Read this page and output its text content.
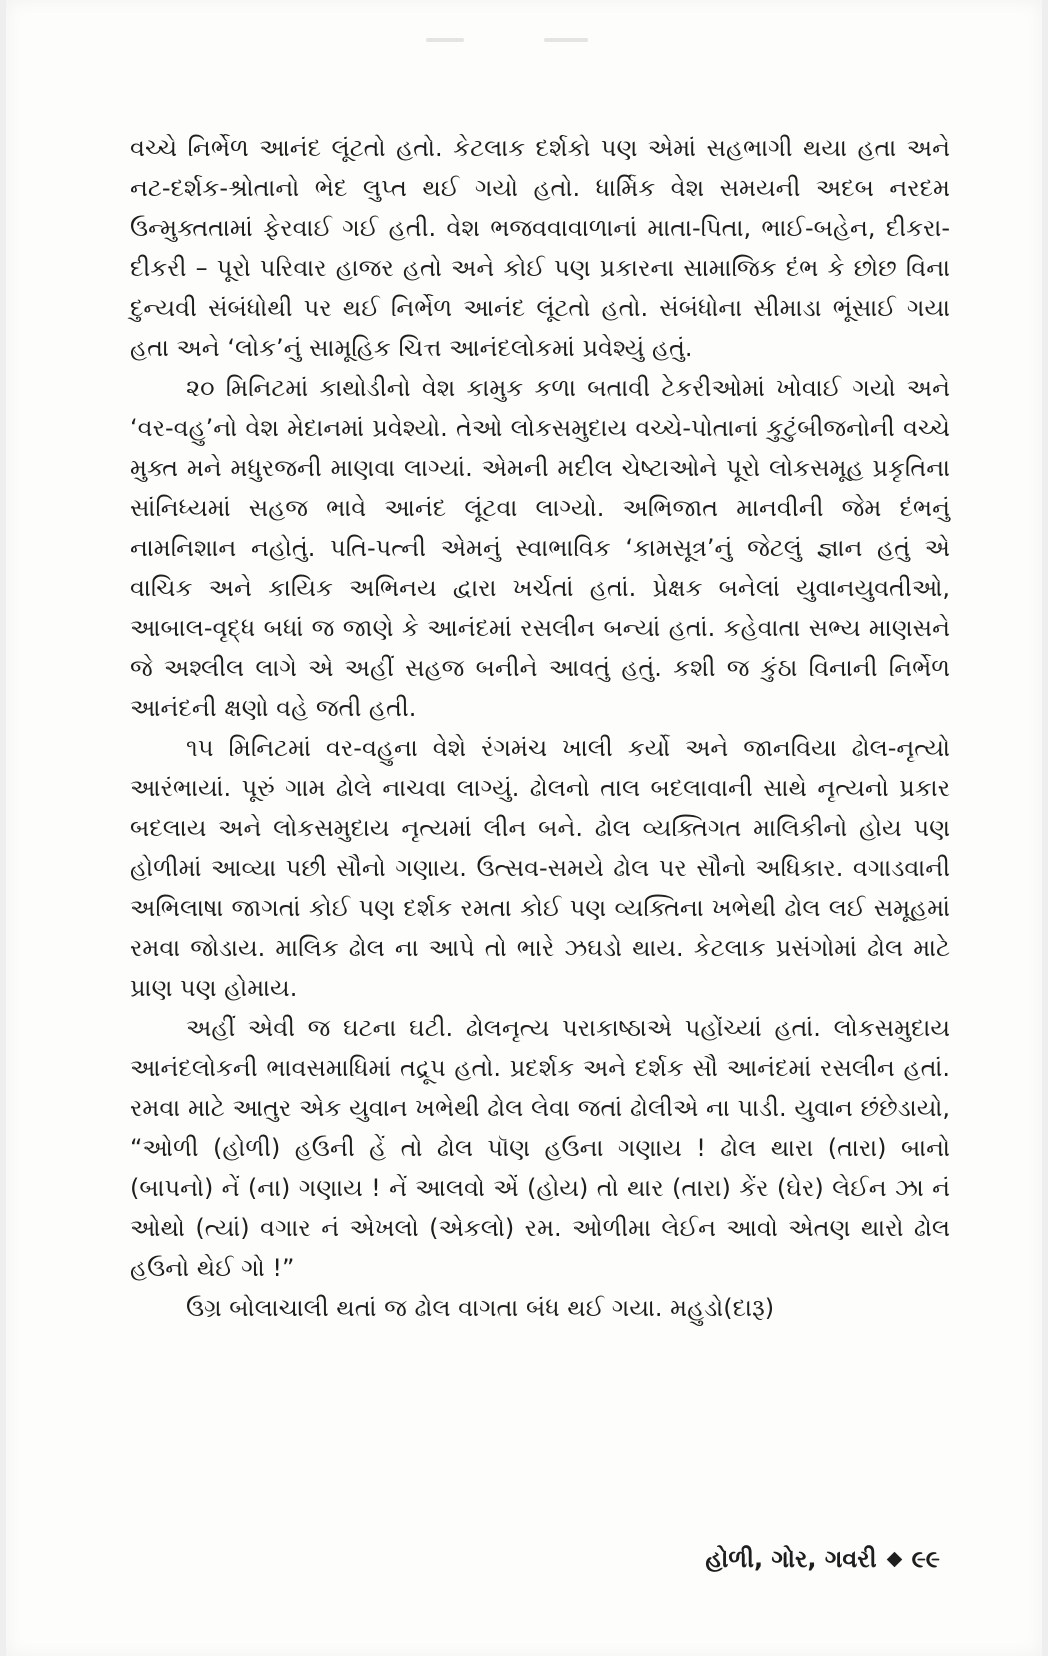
વચ્ચે નિર્ભેળ આનંદ લૂંટતો હતો. કેટલાક દર્શકો પણ એમાં સહભાગી થયા હતા અને નટ-દર્શક-શ્રોતાનો ભેદ લુપ્ત થઈ ગયો હતો. ધાર્મિક વેશ સમયની અદબ નરદમ ઉન્મુક્તતામાં ફેરવાઈ ગઈ હતી. વેશ ભજવવાવાળાનાં માતા-પિતા, ભાઈ-બહેન, દીકરા-દીકરી – પૂરો પરિવાર હાજર હતો અને કોઈ પણ પ્રકારના સામાજિક દંભ કે છોછ વિના દુન્યવી સંબંધોથી પર થઈ નિર્ભેળ આનંદ લૂંટતો હતો. સંબંધોના સીમાડા ભૂંસાઈ ગયા હતા અને ‘લોક’નું સામૂહિક ચિત્ત આનંદલોકમાં પ્રવેશ્યું હતું.

૨૦ મિનિટમાં કાથોડીનો વેશ કામુક કળા બતાવી ટેકરીઓમાં ખોવાઈ ગયો અને ‘વર-વહુ’નો વેશ મેદાનમાં પ્રવેશ્યો. તેઓ લોકસમુદાય વચ્ચે-પોતાનાં કુટુંબીજનોની વચ્ચે મુક્ત મને મધુરજની માણવા લાગ્યાં. એમની મદીલ ચેષ્ટાઓને પૂરો લોકસમૂહ પ્રકૃતિના સાંનિધ્યમાં સહજ ભાવે આનંદ લૂંટવા લાગ્યો. અભિજાત માનવીની જેમ દંભનું નામનિશાન નહોતું. પતિ-પત્ની એમનું સ્વાભાવિક ‘કામસૂત્ર’નું જેટલું જ્ઞાન હતું એ વાચિક અને કાયિક અભિનય દ્વારા ખર્ચતાં હતાં. પ્રેક્ષક બનેલાં યુવાનયુવતીઓ, આબાલ-વૃદ્ધ બધાં જ જાણે કે આનંદમાં રસલીન બન્યાં હતાં. કહેવાતા સભ્ય માણસને જે અશ્લીલ લાગે એ અહીં સહજ બનીને આવતું હતું. કશી જ કુંઠા વિનાની નિર્ભેળ આનંદની ક્ષણો વહે જતી હતી.

૧૫ મિનિટમાં વર-વહુના વેશે રંગમંચ ખાલી કર્યો અને જાનવિયા ઢોલ-નૃત્યો આરંભાયાં. પૂરું ગામ ઢોલે નાચવા લાગ્યું. ઢોલનો તાલ બદલાવાની સાથે નૃત્યનો પ્રકાર બદલાય અને લોકસમુદાય નૃત્યમાં લીન બને. ઢોલ વ્યક્તિગત માલિકીનો હોય પણ હોળીમાં આવ્યા પછી સૌનો ગણાય. ઉત્સવ-સમયે ઢોલ પર સૌનો અધિકાર. વગાડવાની અભિલાષા જાગતાં કોઈ પણ દર્શક રમતા કોઈ પણ વ્યક્તિના ખભેથી ઢોલ લઈ સમૂહમાં રમવા જોડાય. માલિક ઢોલ ના આપે તો ભારે ઝઘડો થાય. કેટલાક પ્રસંગોમાં ઢોલ માટે પ્રાણ પણ હોમાય.

અહીં એવી જ ઘટના ઘટી. ઢોલનૃત્ય પરાકાષ્ઠાએ પહોંચ્યાં હતાં. લોકસમુદાય આનંદલોકની ભાવસમાધિમાં તદ્રૂપ હતો. પ્રદર્શક અને દર્શક સૌ આનંદમાં રસલીન હતાં. રમવા માટે આતુર એક યુવાન ખભેથી ઢોલ લેવા જતાં ઢોલીએ ના પાડી. યુવાન છંછેડાયો, “ઓળી (હોળી) હઉની હેં તો ઢોલ પૉણ હઉના ગણાય ! ઢોલ થારા (તારા) બાનો (બાપનો) નેં (ના) ગણાય ! નેં આલવો એં (હોય) તો થાર (તારા) કેંર (ઘેર) લેઈન ઝા નં ઓથો (ત્યાં) વગાર નં એખલો (એકલો) રમ. ઓળીમા લેઈન આવો એતણ થારો ઢોલ હઉનો થેઈ ગો !”

ઉગ્ર બોલાચાલી થતાં જ ઢોલ વાગતા બંધ થઈ ગયા. મહુડો(દારૂ)

હોળી, ગોર, ગવરી ૯૯
